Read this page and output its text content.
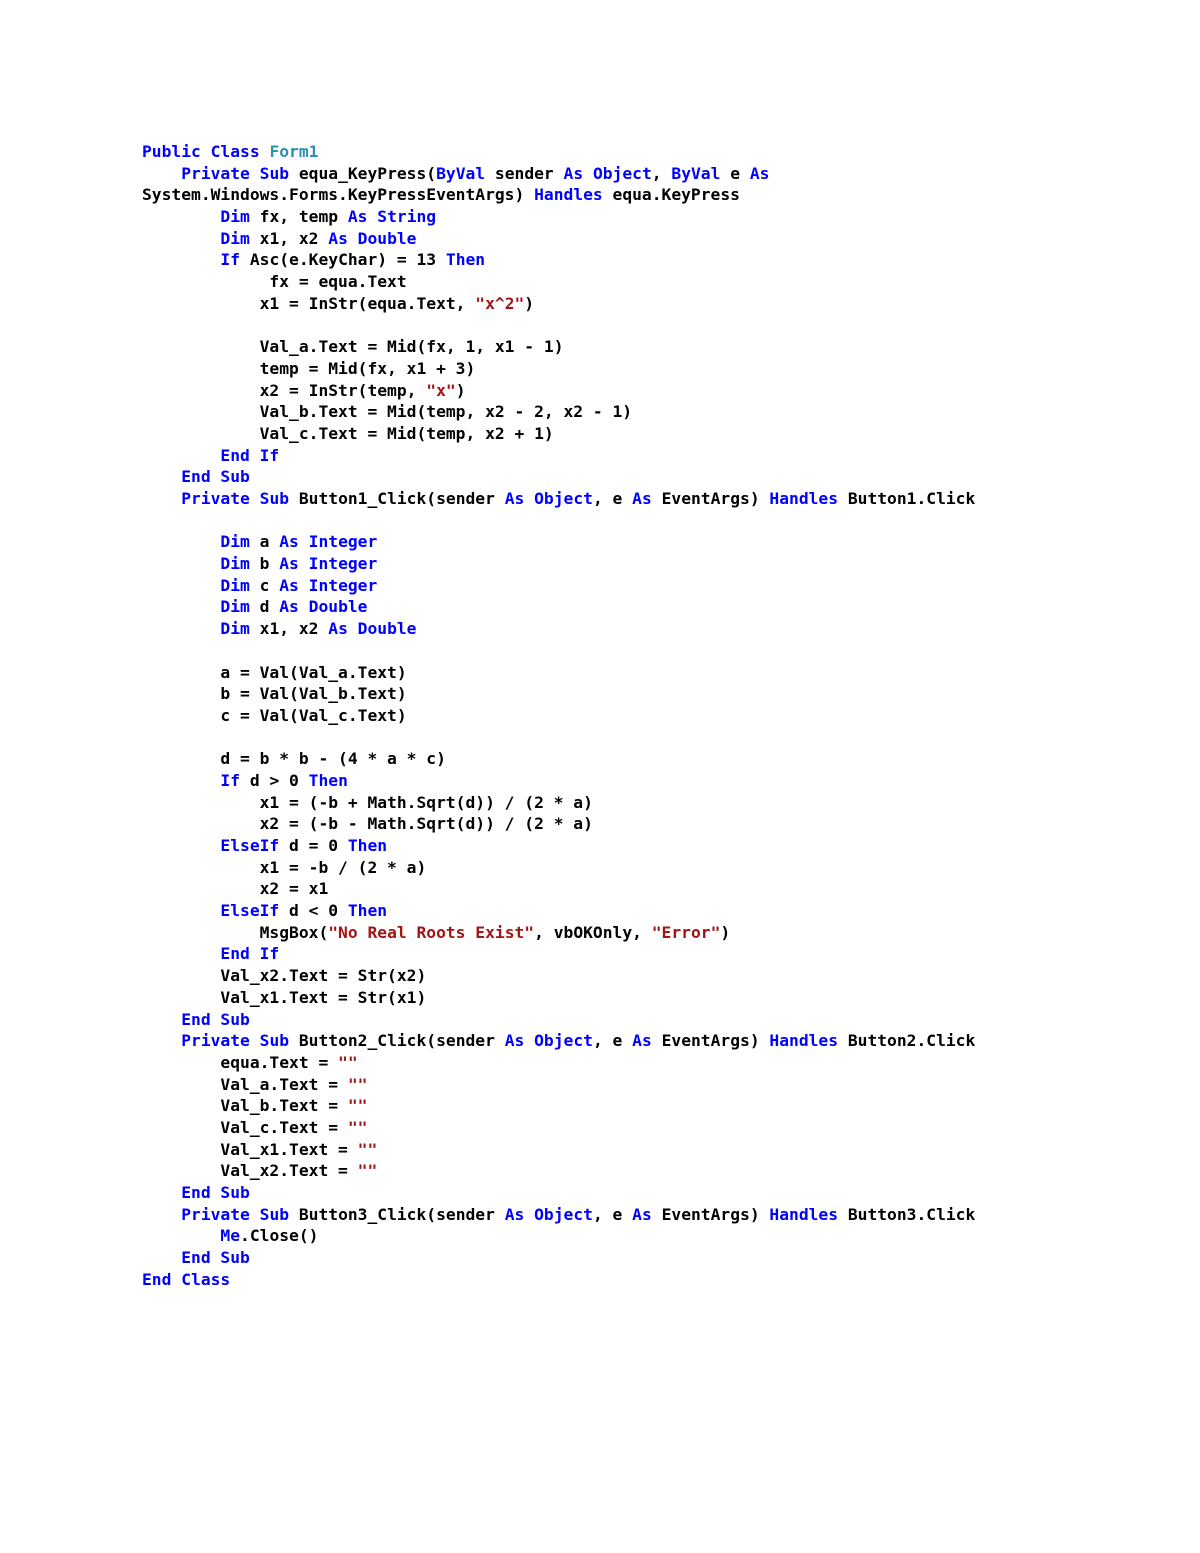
Public Class Form1
Private Sub equa_KeyPress(ByVal sender As Object, ByVal e As
System.Windows.Forms.KeyPressEventArgs) Handles equa.KeyPress
Dim fx, temp As String
Dim x1, x2 As Double
If Asc(e.KeyChar) = 13 Then
fx = equa.Text
x1 = InStr(equa.Text, "x^2")
Val_a.Text = Mid(fx, 1, x1 - 1)
temp = Mid(fx, x1 + 3)
x2 = InStr(temp, "x")
Val_b.Text = Mid(temp, x2 - 2, x2 - 1)
Val_c.Text = Mid(temp, x2 + 1)
End If
End Sub
Private Sub Button1_Click(sender As Object, e As EventArgs) Handles Button1.Click
Dim a As Integer
Dim b As Integer
Dim c As Integer
Dim d As Double
Dim x1, x2 As Double
a = Val(Val_a.Text)
b = Val(Val_b.Text)
c = Val(Val_c.Text)
d = b * b - (4 * a * c)
If d > 0 Then
x1 = (-b + Math.Sqrt(d)) / (2 * a)
x2 = (-b - Math.Sqrt(d)) / (2 * a)
ElseIf d = 0 Then
x1 = -b / (2 * a)
x2 = x1
ElseIf d < 0 Then
MsgBox("No Real Roots Exist", vbOKOnly, "Error")
End If
Val_x2.Text = Str(x2)
Val_x1.Text = Str(x1)
End Sub
Private Sub Button2_Click(sender As Object, e As EventArgs) Handles Button2.Click
equa.Text = ""
Val_a.Text = ""
Val_b.Text = ""
Val_c.Text = ""
Val_x1.Text = ""
Val_x2.Text = ""
End Sub
Private Sub Button3_Click(sender As Object, e As EventArgs) Handles Button3.Click
Me.Close()
End Sub
End Class
